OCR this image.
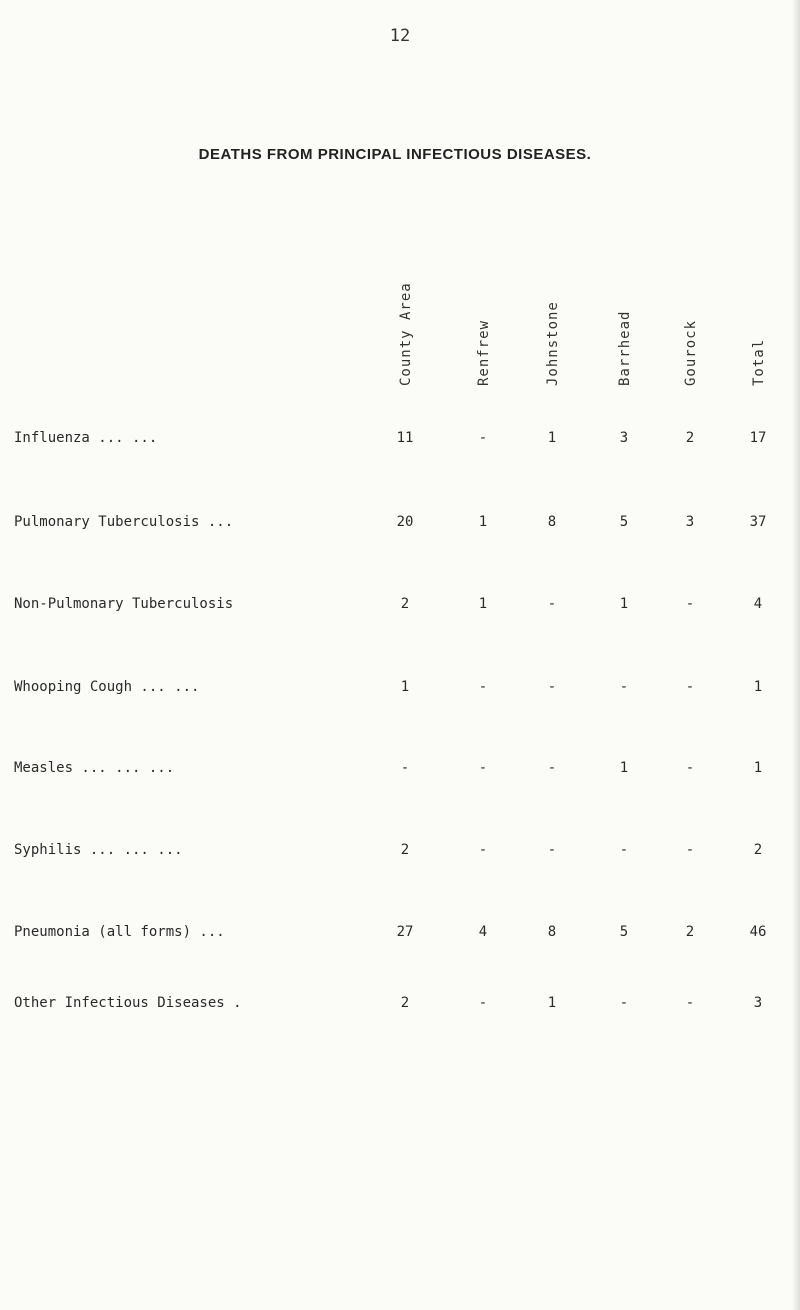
12
DEATHS FROM PRINCIPAL INFECTIOUS DISEASES.
County Area	Renfrew	Johnstone	Barrhead	Gourock	Total
Influenza ... ...	11	-	1	3	2	17
Pulmonary Tuberculosis ...	20	1	8	5	3	37
Non-Pulmonary Tuberculosis	2	1	-	1	-	4
Whooping Cough ... ...	1	-	-	-	-	1
Measles ... ... ...	-	-	-	1	-	1
Syphilis ... ... ...	2	-	-	-	-	2
Pneumonia (all forms) ...	27	4	8	5	2	46
Other Infectious Diseases .	2	-	1	-	-	3
